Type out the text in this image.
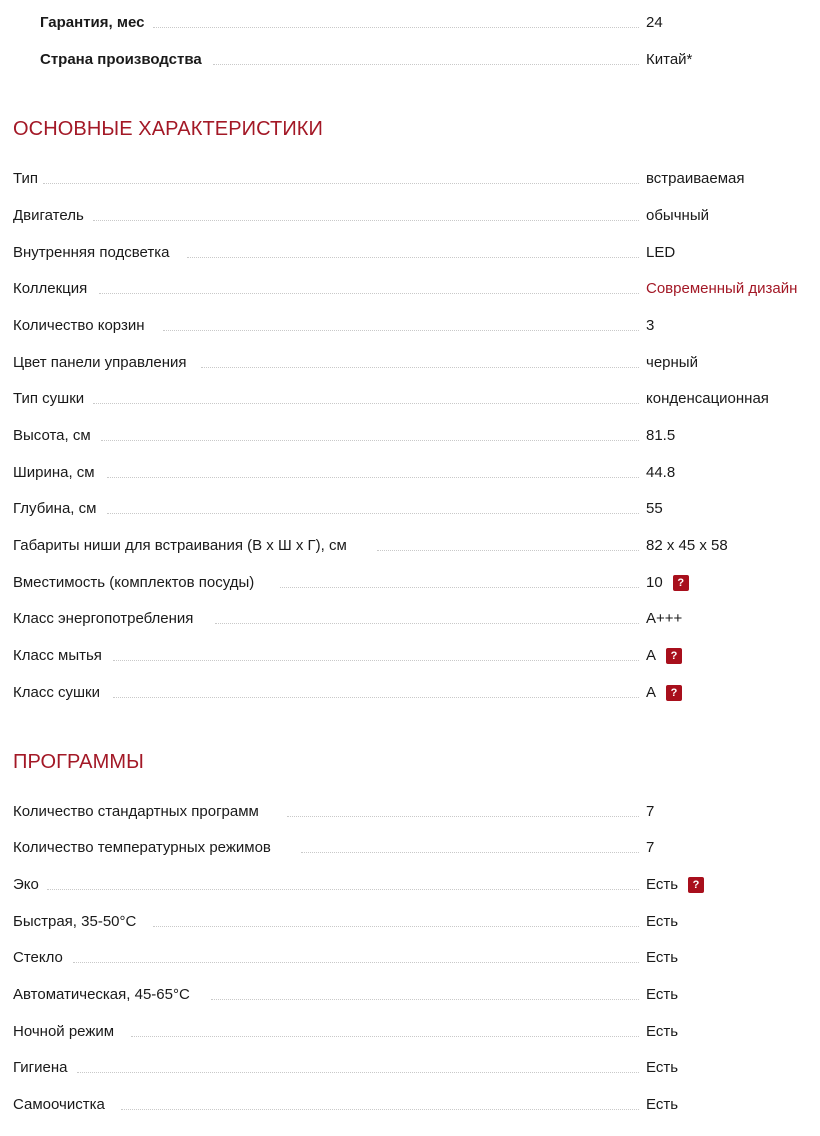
Гарантия, мес	24
Страна производства	Китай*
ОСНОВНЫЕ ХАРАКТЕРИСТИКИ
Тип	встраиваемая
Двигатель	обычный
Внутренняя подсветка	LED
Коллекция	Современный дизайн
Количество корзин	3
Цвет панели управления	черный
Тип сушки	конденсационная
Высота, см	81.5
Ширина, см	44.8
Глубина, см	55
Габариты ниши для встраивания (В х Ш х Г), см	82 x 45 x 58
Вместимость (комплектов посуды)	10	?
Класс энергопотребления	A+++
Класс мытья	A	?
Класс сушки	A	?
ПРОГРАММЫ
Количество стандартных программ	7
Количество температурных режимов	7
Эко	Есть	?
Быстрая, 35-50°C	Есть
Стекло	Есть
Автоматическая, 45-65°C	Есть
Ночной режим	Есть
Гигиена	Есть
Самоочистка	Есть
